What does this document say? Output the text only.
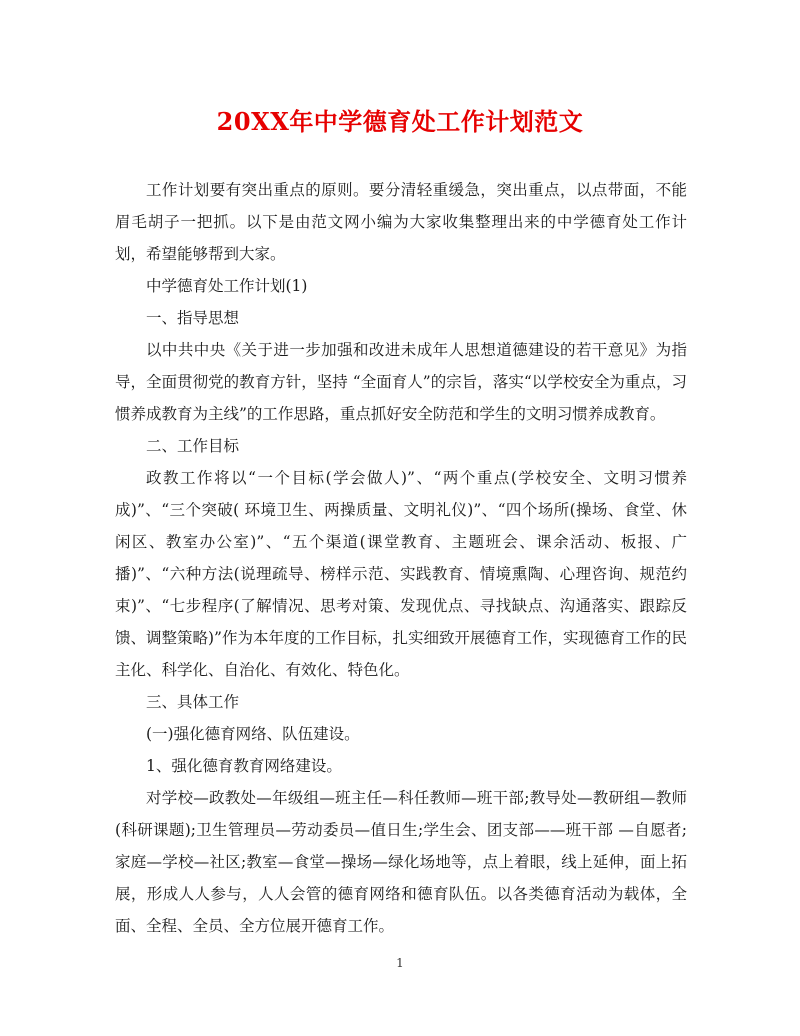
20XX年中学德育处工作计划范文

工作计划要有突出重点的原则。要分清轻重缓急，突出重点，以点带面，不能眉毛胡子一把抓。以下是由范文网小编为大家收集整理出来的中学德育处工作计划，希望能够帮到大家。

中学德育处工作计划(1)

一、指导思想

以中共中央《关于进一步加强和改进未成年人思想道德建设的若干意见》为指导，全面贯彻党的教育方针，坚持 “全面育人”的宗旨，落实“以学校安全为重点，习惯养成教育为主线”的工作思路，重点抓好安全防范和学生的文明习惯养成教育。

二、工作目标

政教工作将以“一个目标(学会做人)”、“两个重点(学校安全、文明习惯养成)”、“三个突破( 环境卫生、两操质量、文明礼仪)”、“四个场所(操场、食堂、休闲区、教室办公室)”、“五个渠道(课堂教育、主题班会、课余活动、板报、广播)”、“六种方法(说理疏导、榜样示范、实践教育、情境熏陶、心理咨询、规范约束)”、“七步程序(了解情况、思考对策、发现优点、寻找缺点、沟通落实、跟踪反馈、调整策略)”作为本年度的工作目标，扎实细致开展德育工作，实现德育工作的民主化、科学化、自治化、有效化、特色化。

三、具体工作

(一)强化德育网络、队伍建设。

1、强化德育教育网络建设。

对学校—政教处—年级组—班主任—科任教师—班干部;教导处—教研组—教师(科研课题);卫生管理员—劳动委员—值日生;学生会、团支部——班干部 —自愿者;家庭—学校—社区;教室—食堂—操场—绿化场地等，点上着眼，线上延伸，面上拓展，形成人人参与，人人会管的德育网络和德育队伍。以各类德育活动为载体，全面、全程、全员、全方位展开德育工作。

1
